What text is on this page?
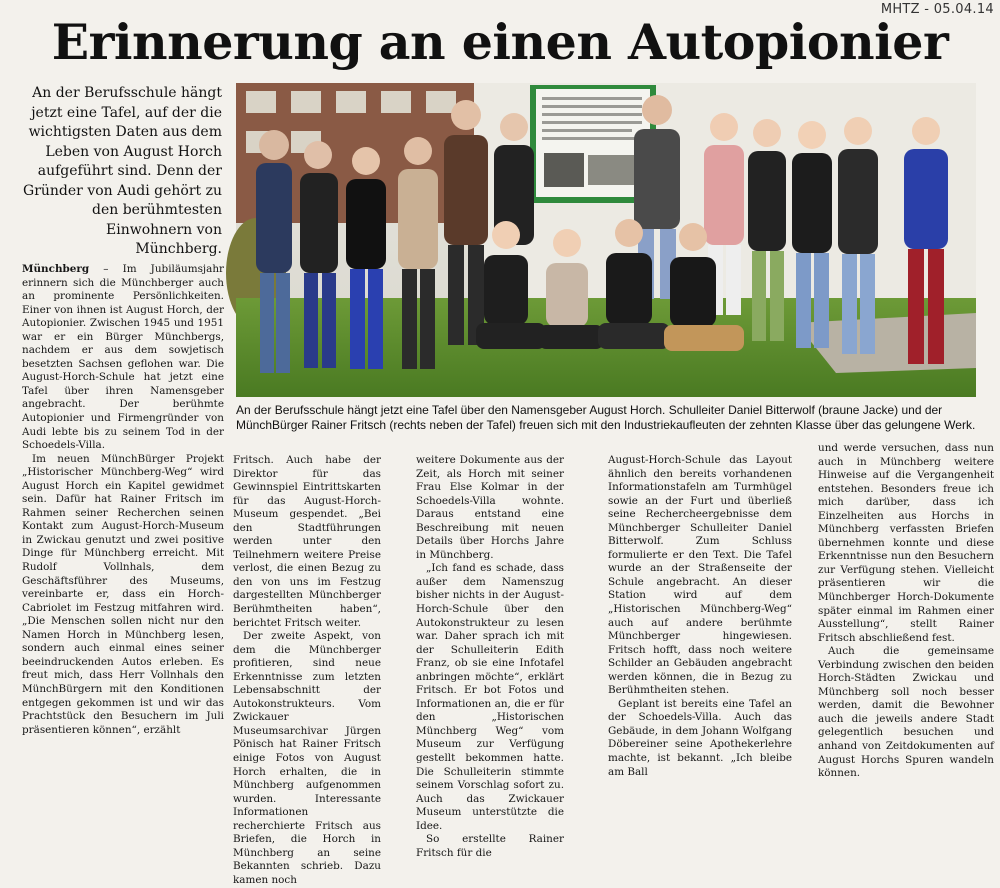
MHTZ - 05.04.14
Erinnerung an einen Autopionier
An der Berufsschule hängt jetzt eine Tafel, auf der die wichtigsten Daten aus dem Leben von August Horch aufgeführt sind. Denn der Gründer von Audi gehört zu den berühmtesten Einwohnern von Münchberg.

An der Berufsschule hängt jetzt eine Tafel über den Namensgeber August Horch. Schulleiter Daniel Bitterwolf (braune Jacke) und der MünchBürger Rainer Fritsch (rechts neben der Tafel) freuen sich mit den Industriekaufleuten der zehnten Klasse über das gelungene Werk.

Münchberg – Im Jubiläumsjahr erinnern sich die Münchberger auch an prominente Persönlichkeiten. Einer von ihnen ist August Horch, der Autopionier. Zwischen 1945 und 1951 war er ein Bürger Münchbergs, nachdem er aus dem sowjetisch besetzten Sachsen geflohen war. Die August-Horch-Schule hat jetzt eine Tafel über ihren Namensgeber angebracht. Der berühmte Autopionier und Firmengründer von Audi lebte bis zu seinem Tod in der Schoedels-Villa.

Im neuen MünchBürger Projekt „Historischer Münchberg-Weg“ wird August Horch ein Kapitel gewidmet sein. Dafür hat Rainer Fritsch im Rahmen seiner Recherchen seinen Kontakt zum August-Horch-Museum in Zwickau genutzt und zwei positive Dinge für Münchberg erreicht. Mit Rudolf Vollnhals, dem Geschäftsführer des Museums, vereinbarte er, dass ein Horch-Cabriolet im Festzug mitfahren wird. „Die Menschen sollen nicht nur den Namen Horch in Münchberg lesen, sondern auch einmal eines seiner beeindruckenden Autos erleben. Es freut mich, dass Herr Vollnhals den MünchBürgern mit den Konditionen entgegen gekommen ist und wir das Prachtstück den Besuchern im Juli präsentieren können“, erzählt

Fritsch. Auch habe der Direktor für das Gewinnspiel Eintrittskarten für das August-Horch-Museum gespendet. „Bei den Stadtführungen werden unter den Teilnehmern weitere Preise verlost, die einen Bezug zu den von uns im Festzug dargestellten Münchberger Berühmtheiten haben“, berichtet Fritsch weiter.

Der zweite Aspekt, von dem die Münchberger profitieren, sind neue Erkenntnisse zum letzten Lebensabschnitt der Autokonstrukteurs. Vom Zwickauer Museumsarchivar Jürgen Pönisch hat Rainer Fritsch einige Fotos von August Horch erhalten, die in Münchberg aufgenommen wurden. Interessante Informationen recherchierte Fritsch aus Briefen, die Horch in Münchberg an seine Bekannten schrieb. Dazu kamen noch

weitere Dokumente aus der Zeit, als Horch mit seiner Frau Else Kolmar in der Schoedels-Villa wohnte. Daraus entstand eine Beschreibung mit neuen Details über Horchs Jahre in Münchberg.

„Ich fand es schade, dass außer dem Namenszug bisher nichts in der August-Horch-Schule über den Autokonstrukteur zu lesen war. Daher sprach ich mit der Schulleiterin Edith Franz, ob sie eine Infotafel anbringen möchte“, erklärt Fritsch. Er bot Fotos und Informationen an, die er für den „Historischen Münchberg Weg“ vom Museum zur Verfügung gestellt bekommen hatte. Die Schulleiterin stimmte seinem Vorschlag sofort zu. Auch das Zwickauer Museum unterstützte die Idee.

So erstellte Rainer Fritsch für die

August-Horch-Schule das Layout ähnlich den bereits vorhandenen Informationstafeln am Turmhügel sowie an der Furt und überließ seine Rechercheergebnisse dem Münchberger Schulleiter Daniel Bitterwolf. Zum Schluss formulierte er den Text. Die Tafel wurde an der Straßenseite der Schule angebracht. An dieser Station wird auf dem „Historischen Münchberg-Weg“ auch auf andere berühmte Münchberger hingewiesen. Fritsch hofft, dass noch weitere Schilder an Gebäuden angebracht werden können, die in Bezug zu Berühmtheiten stehen.

Geplant ist bereits eine Tafel an der Schoedels-Villa. Auch das Gebäude, in dem Johann Wolfgang Döbereiner seine Apothekerlehre machte, ist bekannt. „Ich bleibe am Ball

und werde versuchen, dass nun auch in Münchberg weitere Hinweise auf die Vergangenheit entstehen. Besonders freue ich mich darüber, dass ich Einzelheiten aus Horchs in Münchberg verfassten Briefen übernehmen konnte und diese Erkenntnisse nun den Besuchern zur Verfügung stehen. Vielleicht präsentieren wir die Münchberger Horch-Dokumente später einmal im Rahmen einer Ausstellung“, stellt Rainer Fritsch abschließend fest.

Auch die gemeinsame Verbindung zwischen den beiden Horch-Städten Zwickau und Münchberg soll noch besser werden, damit die Bewohner auch die jeweils andere Stadt gelegentlich besuchen und anhand von Zeitdokumenten auf August Horchs Spuren wandeln können.
